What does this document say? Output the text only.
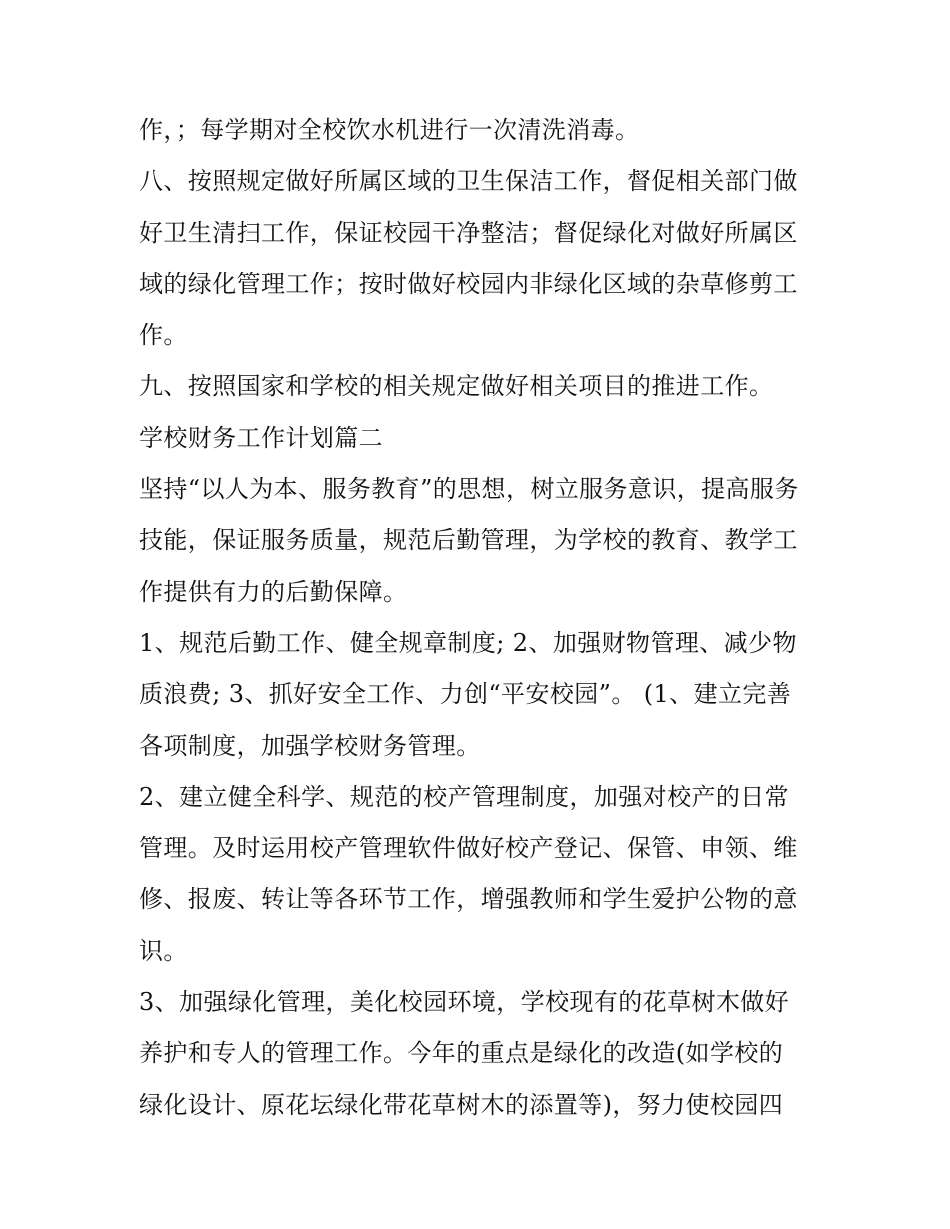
作，；每学期对全校饮水机进行一次清洗消毒。
八、按照规定做好所属区域的卫生保洁工作，督促相关部门做
好卫生清扫工作，保证校园干净整洁；督促绿化对做好所属区
域的绿化管理工作；按时做好校园内非绿化区域的杂草修剪工
作。
九、按照国家和学校的相关规定做好相关项目的推进工作。
学校财务工作计划篇二
坚持“以人为本、服务教育”的思想，树立服务意识，提高服务
技能，保证服务质量，规范后勤管理，为学校的教育、教学工
作提供有力的后勤保障。
1、规范后勤工作、健全规章制度; 2、加强财物管理、减少物
质浪费; 3、抓好安全工作、力创“平安校园”。 (1、建立完善
各项制度，加强学校财务管理。
2、建立健全科学、规范的校产管理制度，加强对校产的日常
管理。及时运用校产管理软件做好校产登记、保管、申领、维
修、报废、转让等各环节工作，增强教师和学生爱护公物的意
识。
3、加强绿化管理，美化校园环境，学校现有的花草树木做好
养护和专人的管理工作。今年的重点是绿化的改造(如学校的
绿化设计、原花坛绿化带花草树木的添置等)，努力使校园四
